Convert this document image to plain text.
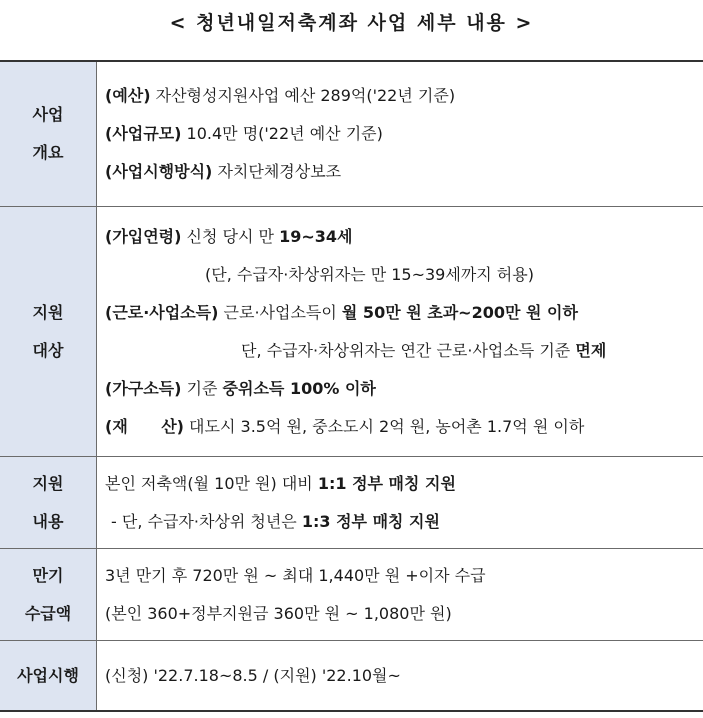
< 청년내일저축계좌 사업 세부 내용 >
사업
개요
(예산) 자산형성지원사업 예산 289억('22년 기준)
(사업규모) 10.4만 명('22년 예산 기준)
(사업시행방식) 자치단체경상보조
지원
대상
(가입연령) 신청 당시 만 19~34세
(단, 수급자·차상위자는 만 15~39세까지 허용)
(근로·사업소득) 근로·사업소득이 월 50만 원 초과~200만 원 이하
단, 수급자·차상위자는 연간 근로·사업소득 기준 면제
(가구소득) 기준 중위소득 100% 이하
(재      산) 대도시 3.5억 원, 중소도시 2억 원, 농어촌 1.7억 원 이하
지원
내용
본인 저축액(월 10만 원) 대비 1:1 정부 매칭 지원
- 단, 수급자·차상위 청년은 1:3 정부 매칭 지원
만기
수급액
3년 만기 후 720만 원 ~ 최대 1,440만 원 +이자 수급
(본인 360+정부지원금 360만 원 ~ 1,080만 원)
사업시행 (신청) '22.7.18~8.5 / (지원) '22.10월~
